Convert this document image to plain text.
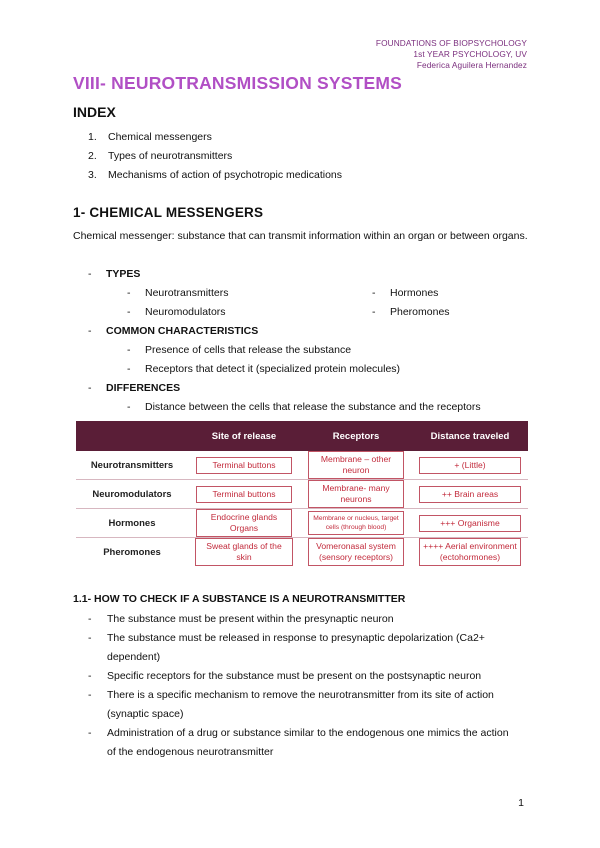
FOUNDATIONS OF BIOPSYCHOLOGY
1st YEAR PSYCHOLOGY, UV
Federica Aguilera Hernandez
VIII- NEUROTRANSMISSION SYSTEMS
INDEX
1. Chemical messengers
2. Types of neurotransmitters
3. Mechanisms of action of psychotropic medications
1- CHEMICAL MESSENGERS
Chemical messenger: substance that can transmit information within an organ or between organs.
- TYPES
- Neurotransmitters
- Neuromodulators
- Hormones
- Pheromones
- COMMON CHARACTERISTICS
- Presence of cells that release the substance
- Receptors that detect it (specialized protein molecules)
- DIFFERENCES
- Distance between the cells that release the substance and the receptors
	Site of release	Receptors	Distance traveled
Neurotransmitters	Terminal buttons	Membrane – other neuron	+ (Little)
Neuromodulators	Terminal buttons	Membrane- many neurons	++ Brain areas
Hormones	Endocrine glands Organs	Membrane or nucleus, target cells (through blood)	+++ Organisme
Pheromones	Sweat glands of the skin	Vomeronasal system (sensory receptors)	++++ Aerial environment (ectohormones)
1.1- HOW TO CHECK IF A SUBSTANCE IS A NEUROTRANSMITTER
- The substance must be present within the presynaptic neuron
- The substance must be released in response to presynaptic depolarization (Ca2+ dependent)
- Specific receptors for the substance must be present on the postsynaptic neuron
- There is a specific mechanism to remove the neurotransmitter from its site of action (synaptic space)
- Administration of a drug or substance similar to the endogenous one mimics the action of the endogenous neurotransmitter
1
